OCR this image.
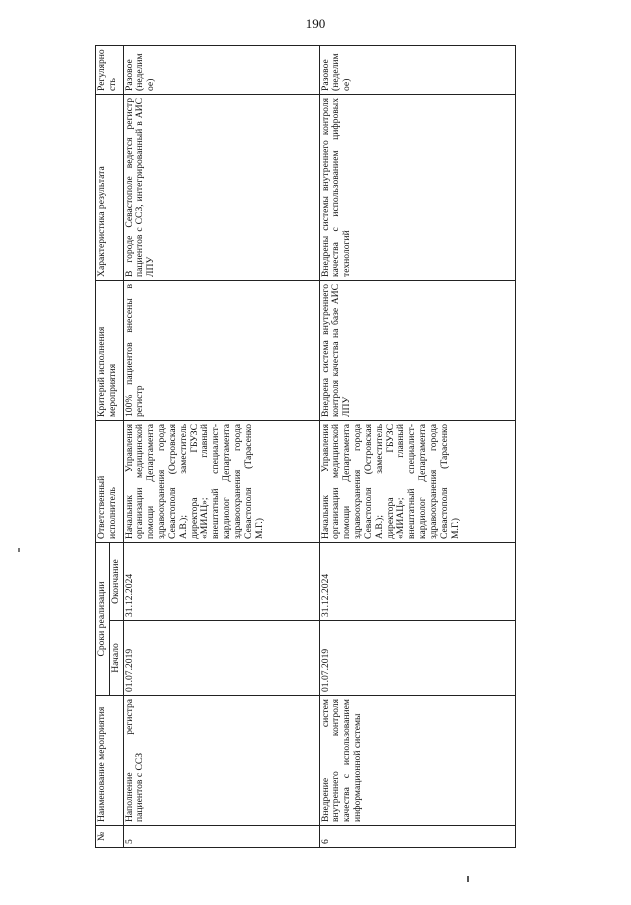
190
№	Наименование мероприятия	Сроки реализации		Ответственный исполнитель	Критерий исполнения мероприятия	Характеристика результата	Регулярность
		Начало	Окончание				
5	Наполнение регистра пациентов с ССЗ	01.07.2019	31.12.2024	Начальник Управления организации медицинской помощи Департамента здравоохранения города Севастополя (Островская А.В.); заместитель директора ГБУЗС «МИАЦ»; главный внештатный специалист-кардиолог Департамента здравоохранения города Севастополя (Тарасенко М.Г.)	100% пациентов внесены в регистр	В городе Севастополе ведется регистр пациентов с ССЗ, интегрированный в АИС ЛПУ	Разовое (неделимое)
6	Внедрение систем внутреннего контроля качества с использованием информационной системы	01.07.2019	31.12.2024	Начальник Управления организации медицинской помощи Департамента здравоохранения города Севастополя (Островская А.В.); заместитель директора ГБУЗС «МИАЦ»; главный внештатный специалист-кардиолог Департамента здравоохранения города Севастополя (Тарасенко М.Г.)	Внедрена система внутреннего контроля качества на базе АИС ЛПУ	Внедрены системы внутреннего контроля качества с использованием цифровых технологий	Разовое (неделимое)
